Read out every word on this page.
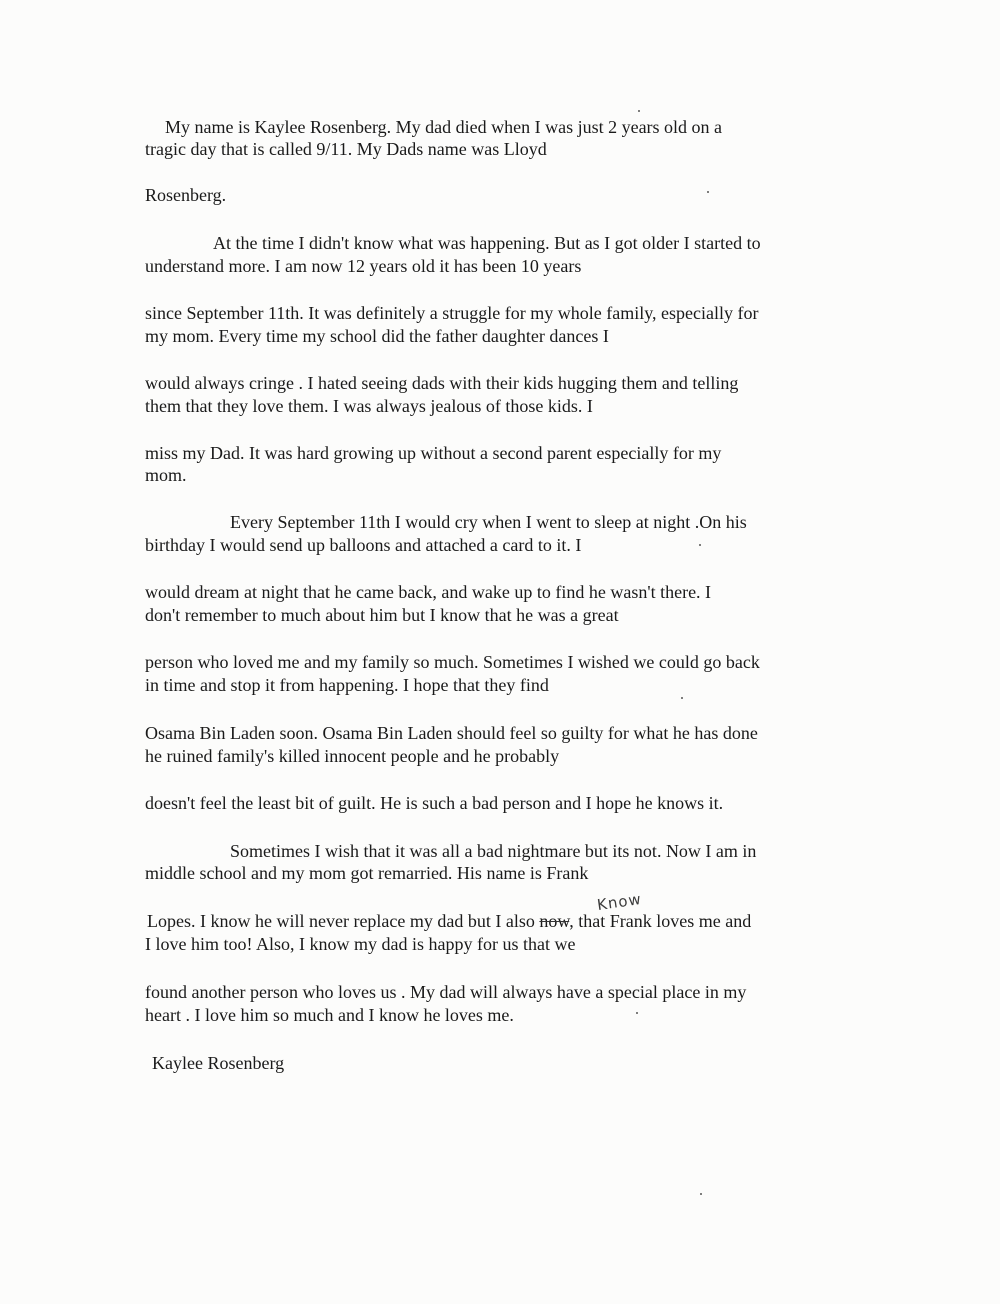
My name is Kaylee Rosenberg. My dad died when I was just 2 years old on a
tragic day that is called 9/11. My Dads name was Lloyd
Rosenberg.
At the time I didn't know what was happening. But as I got older I started to
understand more. I am now 12 years old it has been 10 years
since September 11th. It was definitely a struggle for my whole family, especially for
my mom. Every time my school did the father daughter dances I
would always cringe . I hated seeing dads with their kids hugging them and telling
them that they love them. I was always jealous of those kids. I
miss my Dad. It was hard growing up without a second parent especially for my
mom.
Every September 11th I would cry when I went to sleep at night .On his
birthday I would send up balloons and attached a card to it. I
would dream at night that he came back, and wake up to find he wasn't there. I
don't remember to much about him but I know that he was a great
person who loved me and my family so much. Sometimes I wished we could go back
in time and stop it from happening. I hope that they find
Osama Bin Laden soon. Osama Bin Laden should feel so guilty for what he has done
he ruined family's killed innocent people and he probably
doesn't feel the least bit of guilt. He is such a bad person and I hope he knows it.
Sometimes I wish that it was all a bad nightmare but its not. Now I am in
middle school and my mom got remarried. His name is Frank
Lopes. I know he will never replace my dad but I also now, that Frank loves me and
Know
I love him too! Also, I know my dad is happy for us that we
found another person who loves us . My dad will always have a special place in my
heart . I love him so much and I know he loves me.
Kaylee Rosenberg
